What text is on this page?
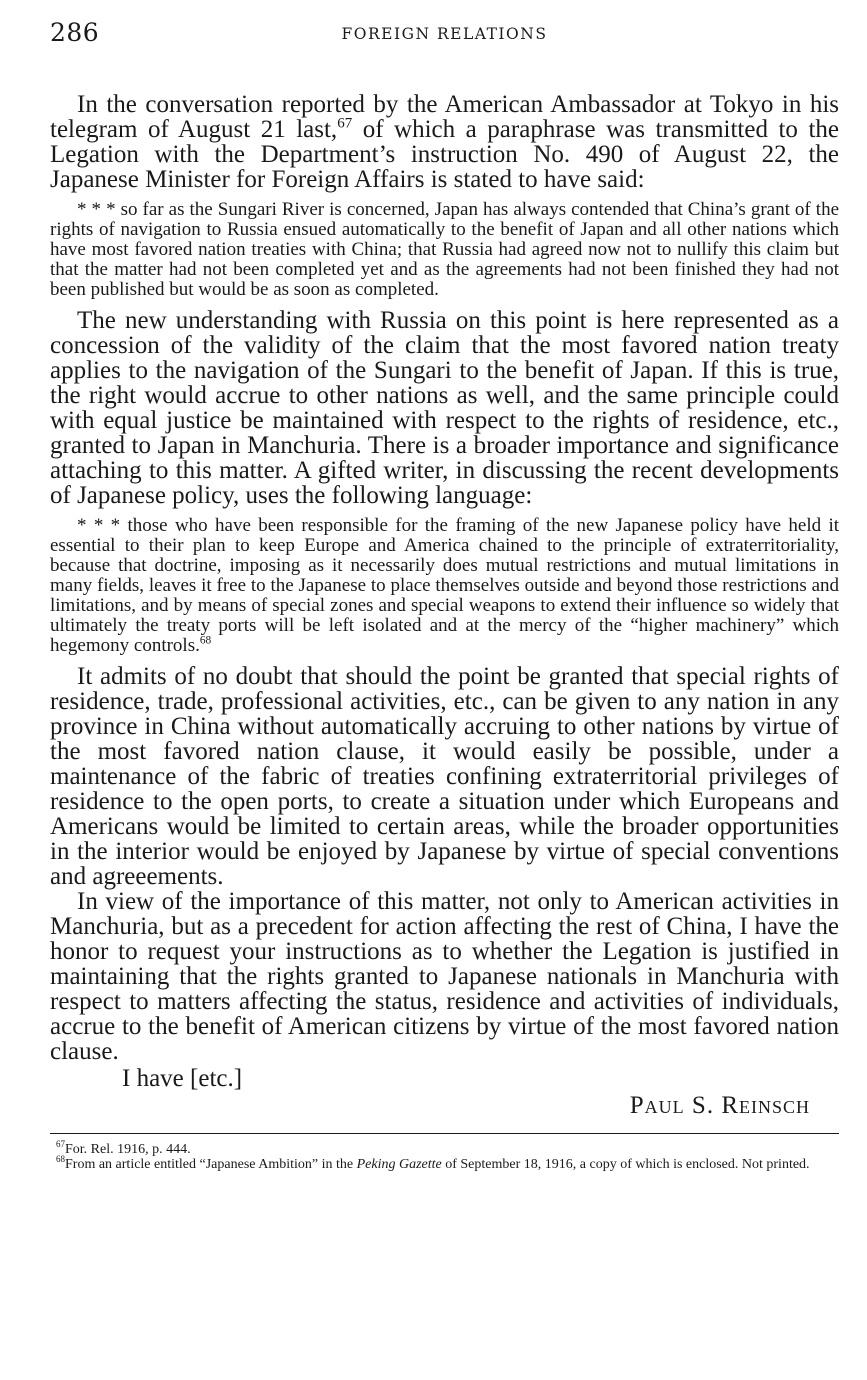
286	FOREIGN RELATIONS

In the conversation reported by the American Ambassador at Tokyo in his telegram of August 21 last,$^{67}$ of which a paraphrase was transmitted to the Legation with the Department’s instruction No. 490 of August 22, the Japanese Minister for Foreign Affairs is stated to have said:

* * * so far as the Sungari River is concerned, Japan has always contended that China’s grant of the rights of navigation to Russia ensued automatically to the benefit of Japan and all other nations which have most favored nation treaties with China; that Russia had agreed now not to nullify this claim but that the matter had not been completed yet and as the agreements had not been finished they had not been published but would be as soon as completed.

The new understanding with Russia on this point is here represented as a concession of the validity of the claim that the most favored nation treaty applies to the navigation of the Sungari to the benefit of Japan. If this is true, the right would accrue to other nations as well, and the same principle could with equal justice be maintained with respect to the rights of residence, etc., granted to Japan in Manchuria. There is a broader importance and significance attaching to this matter. A gifted writer, in discussing the recent developments of Japanese policy, uses the following language:

* * * those who have been responsible for the framing of the new Japanese policy have held it essential to their plan to keep Europe and America chained to the principle of extraterritoriality, because that doctrine, imposing as it necessarily does mutual restrictions and mutual limitations in many fields, leaves it free to the Japanese to place themselves outside and beyond those restrictions and limitations, and by means of special zones and special weapons to extend their influence so widely that ultimately the treaty ports will be left isolated and at the mercy of the “higher machinery” which hegemony controls.$^{68}$

It admits of no doubt that should the point be granted that special rights of residence, trade, professional activities, etc., can be given to any nation in any province in China without automatically accruing to other nations by virtue of the most favored nation clause, it would easily be possible, under a maintenance of the fabric of treaties confining extraterritorial privileges of residence to the open ports, to create a situation under which Europeans and Americans would be limited to certain areas, while the broader opportunities in the interior would be enjoyed by Japanese by virtue of special conventions and agreeements.

In view of the importance of this matter, not only to American activities in Manchuria, but as a precedent for action affecting the rest of China, I have the honor to request your instructions as to whether the Legation is justified in maintaining that the rights granted to Japanese nationals in Manchuria with respect to matters affecting the status, residence and activities of individuals, accrue to the benefit of American citizens by virtue of the most favored nation clause.

I have [etc.]

Paul S. Reinsch

$^{67}$For. Rel. 1916, p. 444.

$^{68}$From an article entitled “Japanese Ambition” in the Peking Gazette of September 18, 1916, a copy of which is enclosed. Not printed.
